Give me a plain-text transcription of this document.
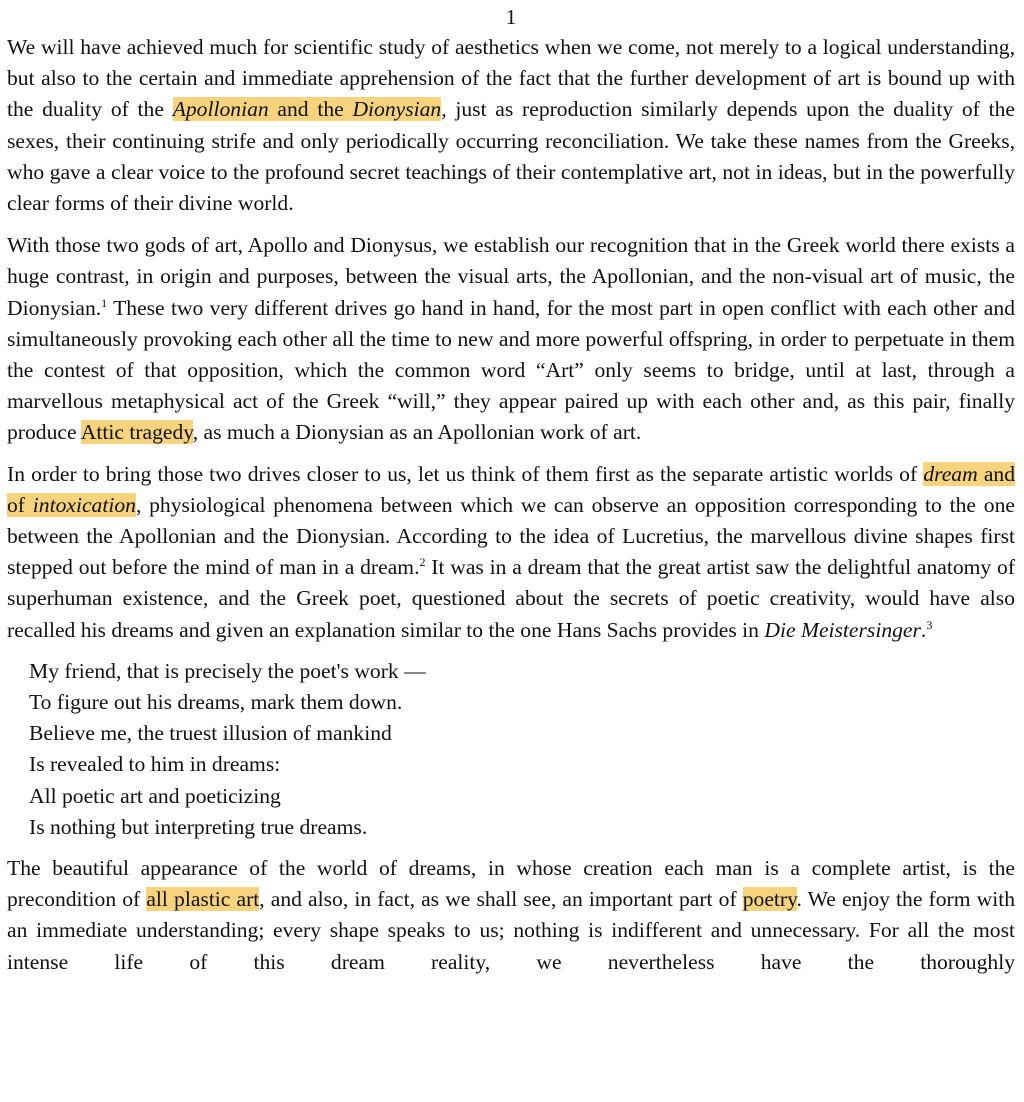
1

We will have achieved much for scientific study of aesthetics when we come, not merely to a logical understanding, but also to the certain and immediate apprehension of the fact that the further development of art is bound up with the duality of the Apollonian and the Dionysian, just as reproduction similarly depends upon the duality of the sexes, their continuing strife and only periodically occurring reconciliation. We take these names from the Greeks, who gave a clear voice to the profound secret teachings of their contemplative art, not in ideas, but in the powerfully clear forms of their divine world.

With those two gods of art, Apollo and Dionysus, we establish our recognition that in the Greek world there exists a huge contrast, in origin and purposes, between the visual arts, the Apollonian, and the non-visual art of music, the Dionysian.$^1$ These two very different drives go hand in hand, for the most part in open conflict with each other and simultaneously provoking each other all the time to new and more powerful offspring, in order to perpetuate in them the contest of that opposition, which the common word “Art” only seems to bridge, until at last, through a marvellous metaphysical act of the Greek “will,” they appear paired up with each other and, as this pair, finally produce Attic tragedy, as much a Dionysian as an Apollonian work of art.

In order to bring those two drives closer to us, let us think of them first as the separate artistic worlds of dream and of intoxication, physiological phenomena between which we can observe an opposition corresponding to the one between the Apollonian and the Dionysian. According to the idea of Lucretius, the marvellous divine shapes first stepped out before the mind of man in a dream.$^2$ It was in a dream that the great artist saw the delightful anatomy of superhuman existence, and the Greek poet, questioned about the secrets of poetic creativity, would have also recalled his dreams and given an explanation similar to the one Hans Sachs provides in Die Meistersinger.$^3$

My friend, that is precisely the poet's work —
To figure out his dreams, mark them down.
Believe me, the truest illusion of mankind
Is revealed to him in dreams:
All poetic art and poeticizing
Is nothing but interpreting true dreams.

The beautiful appearance of the world of dreams, in whose creation each man is a complete artist, is the precondition of all plastic art, and also, in fact, as we shall see, an important part of poetry. We enjoy the form with an immediate understanding; every shape speaks to us; nothing is indifferent and unnecessary. For all the most intense life of this dream reality, we nevertheless have the thoroughly
